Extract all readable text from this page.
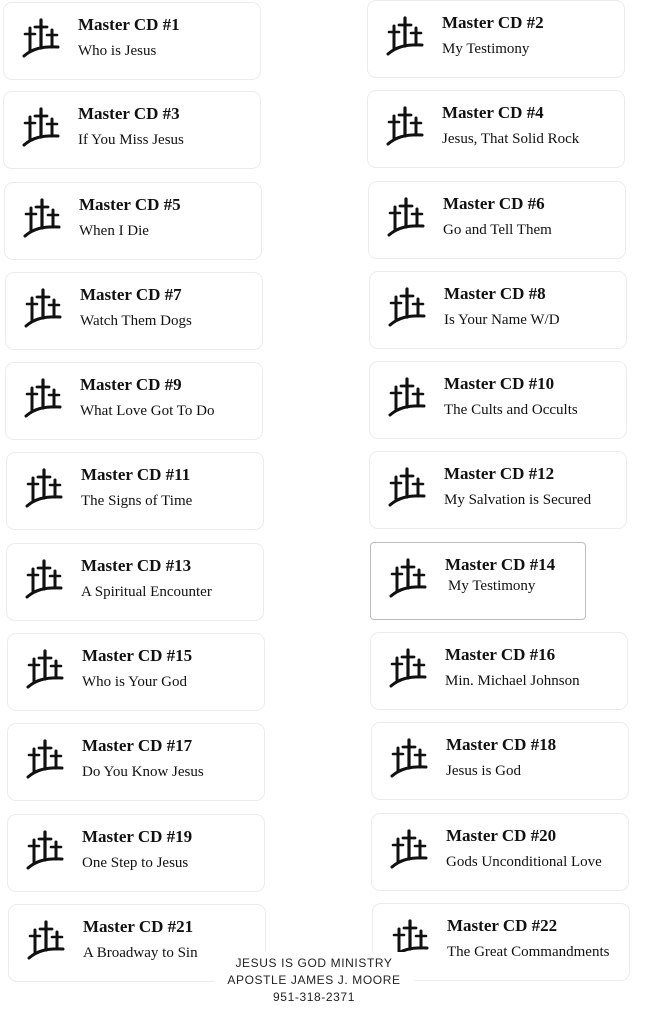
Master CD #1
Who is Jesus
Master CD #2
My Testimony
Master CD #3
If You Miss Jesus
Master CD #4
Jesus, That Solid Rock
Master CD #5
When I Die
Master CD #6
Go and Tell Them
Master CD #7
Watch Them Dogs
Master CD #8
Is Your Name W/D
Master CD #9
What Love Got To Do
Master CD #10
The Cults and Occults
Master CD #11
The Signs of Time
Master CD #12
My Salvation is Secured
Master CD #13
A Spiritual Encounter
Master CD #14
My Testimony
Master CD #15
Who is Your God
Master CD #16
Min. Michael Johnson
Master CD #17
Do You Know Jesus
Master CD #18
Jesus is God
Master CD #19
One Step to Jesus
Master CD #20
Gods Unconditional Love
Master CD #21
A Broadway to Sin
Master CD #22
The Great Commandments
JESUS IS GOD MINISTRY
APOSTLE JAMES J. MOORE
951-318-2371
